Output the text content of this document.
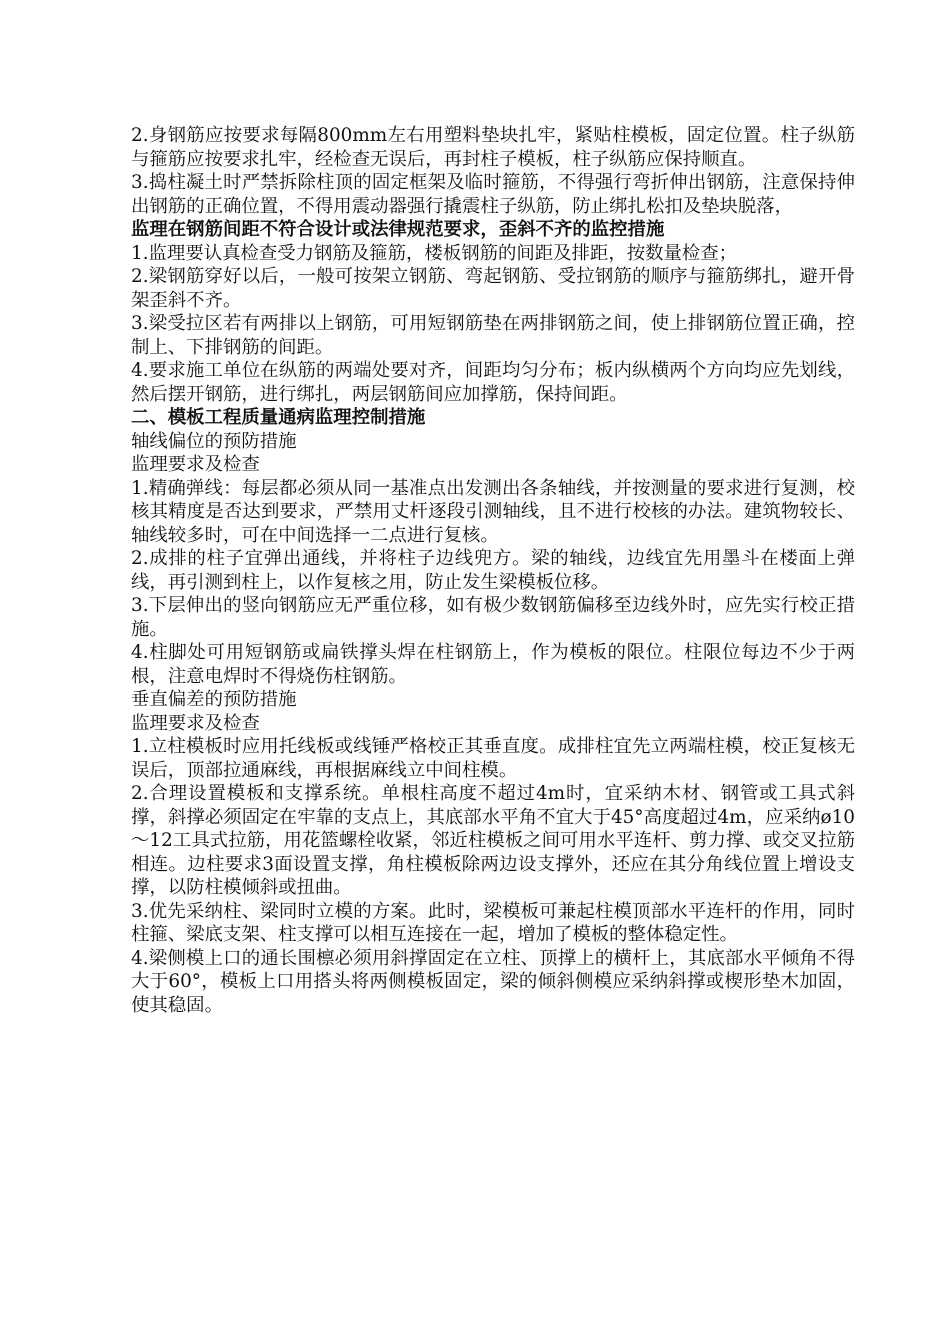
2.身钢筋应按要求每隔800mm左右用塑料垫块扎牢，紧贴柱模板，固定位置。柱子纵筋与箍筋应按要求扎牢，经检查无误后，再封柱子模板，柱子纵筋应保持顺直。

3.捣柱凝土时严禁拆除柱顶的固定框架及临时箍筋，不得强行弯折伸出钢筋，注意保持伸出钢筋的正确位置，不得用震动器强行撬震柱子纵筋，防止绑扎松扣及垫块脱落，

监理在钢筋间距不符合设计或法律规范要求，歪斜不齐的监控措施

1.监理要认真检查受力钢筋及箍筋，楼板钢筋的间距及排距，按数量检查；

2.梁钢筋穿好以后，一般可按架立钢筋、弯起钢筋、受拉钢筋的顺序与箍筋绑扎，避开骨架歪斜不齐。

3.梁受拉区若有两排以上钢筋，可用短钢筋垫在两排钢筋之间，使上排钢筋位置正确，控制上、下排钢筋的间距。

4.要求施工单位在纵筋的两端处要对齐，间距均匀分布；板内纵横两个方向均应先划线，然后摆开钢筋，进行绑扎，两层钢筋间应加撑筋，保持间距。

二、模板工程质量通病监理控制措施

轴线偏位的预防措施

监理要求及检查

1.精确弹线：每层都必须从同一基准点出发测出各条轴线，并按测量的要求进行复测，校核其精度是否达到要求，严禁用丈杆逐段引测轴线，且不进行校核的办法。建筑物较长、轴线较多时，可在中间选择一二点进行复核。

2.成排的柱子宜弹出通线，并将柱子边线兜方。梁的轴线，边线宜先用墨斗在楼面上弹线，再引测到柱上，以作复核之用，防止发生梁模板位移。

3.下层伸出的竖向钢筋应无严重位移，如有极少数钢筋偏移至边线外时，应先实行校正措施。

4.柱脚处可用短钢筋或扁铁撑头焊在柱钢筋上，作为模板的限位。柱限位每边不少于两根，注意电焊时不得烧伤柱钢筋。

垂直偏差的预防措施

监理要求及检查

1.立柱模板时应用托线板或线锤严格校正其垂直度。成排柱宜先立两端柱模，校正复核无误后，顶部拉通麻线，再根据麻线立中间柱模。

2.合理设置模板和支撑系统。单根柱高度不超过4m时，宜采纳木材、钢管或工具式斜撑，斜撑必须固定在牢靠的支点上，其底部水平角不宜大于45°高度超过4m，应采纳ø10～12工具式拉筋，用花篮螺栓收紧，邻近柱模板之间可用水平连杆、剪力撑、或交叉拉筋相连。边柱要求3面设置支撑，角柱模板除两边设支撑外，还应在其分角线位置上增设支撑，以防柱模倾斜或扭曲。

3.优先采纳柱、梁同时立模的方案。此时，梁模板可兼起柱模顶部水平连杆的作用，同时柱箍、梁底支架、柱支撑可以相互连接在一起，增加了模板的整体稳定性。

4.梁侧模上口的通长围檩必须用斜撑固定在立柱、顶撑上的横杆上，其底部水平倾角不得大于60°，模板上口用搭头将两侧模板固定，梁的倾斜侧模应采纳斜撑或楔形垫木加固，使其稳固。
